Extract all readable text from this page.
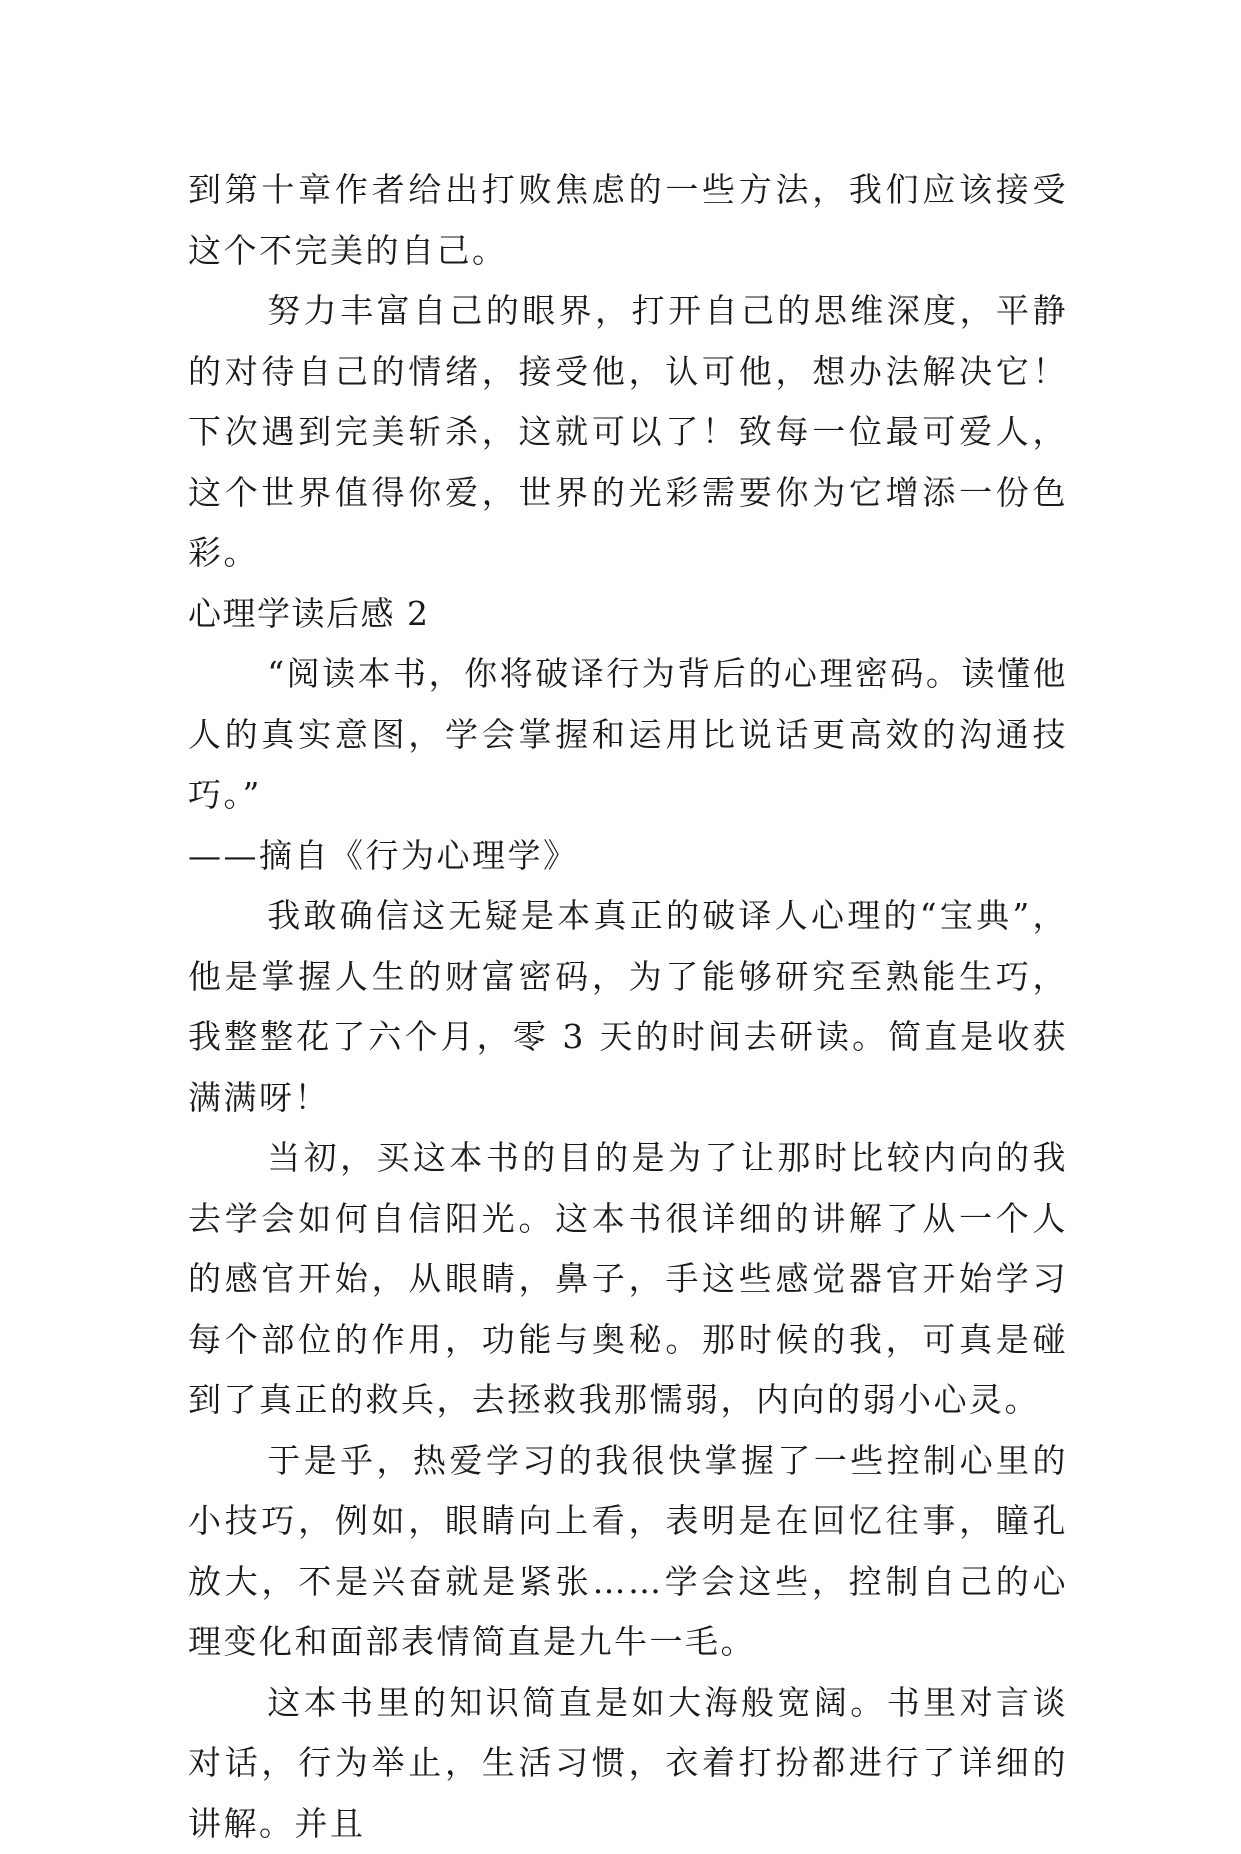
到第十章作者给出打败焦虑的一些方法，我们应该接受这个不完美的自己。

努力丰富自己的眼界，打开自己的思维深度，平静的对待自己的情绪，接受他，认可他，想办法解决它！下次遇到完美斩杀，这就可以了！致每一位最可爱人，这个世界值得你爱，世界的光彩需要你为它增添一份色彩。

心理学读后感 2

“阅读本书，你将破译行为背后的心理密码。读懂他人的真实意图，学会掌握和运用比说话更高效的沟通技巧。”

——摘自《行为心理学》

我敢确信这无疑是本真正的破译人心理的“宝典”，他是掌握人生的财富密码，为了能够研究至熟能生巧，我整整花了六个月，零 3 天的时间去研读。简直是收获满满呀！

当初，买这本书的目的是为了让那时比较内向的我去学会如何自信阳光。这本书很详细的讲解了从一个人的感官开始，从眼睛，鼻子，手这些感觉器官开始学习每个部位的作用，功能与奥秘。那时候的我，可真是碰到了真正的救兵，去拯救我那懦弱，内向的弱小心灵。

于是乎，热爱学习的我很快掌握了一些控制心里的小技巧，例如，眼睛向上看，表明是在回忆往事，瞳孔放大，不是兴奋就是紧张……学会这些，控制自己的心理变化和面部表情简直是九牛一毛。

这本书里的知识简直是如大海般宽阔。书里对言谈对话，行为举止，生活习惯，衣着打扮都进行了详细的讲解。并且
